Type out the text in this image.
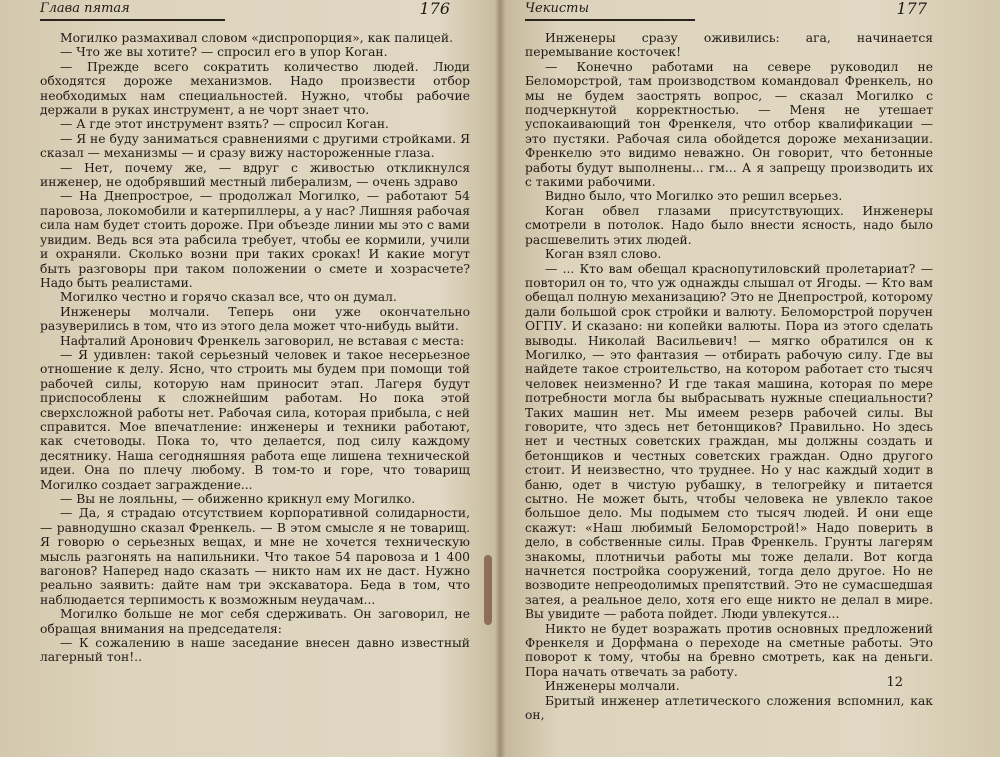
Глава пятая	176

Могилко размахивал словом «диспропорция», как палицей.

— Что же вы хотите? — спросил его в упор Коган.

— Прежде всего сократить количество людей. Люди обходятся дороже механизмов. Надо произвести отбор необходимых нам специальностей. Нужно, чтобы рабочие держали в руках инструмент, а не чорт знает что.

— А где этот инструмент взять? — спросил Коган.

— Я не буду заниматься сравнениями с другими стройками. Я сказал — механизмы — и сразу вижу настороженные глаза.

— Нет, почему же, — вдруг с живостью откликнулся инженер, не одобрявший местный либерализм, — очень здраво

— На Днепрострое, — продолжал Могилко, — работают 54 паровоза, локомобили и катерпиллеры, а у нас? Лишняя рабочая сила нам будет стоить дороже. При объезде линии мы это с вами увидим. Ведь вся эта рабсила требует, чтобы ее кормили, учили и охраняли. Сколько возни при таких сроках! И какие могут быть разговоры при таком положении о смете и хозрасчете? Надо быть реалистами.

Могилко честно и горячо сказал все, что он думал.

Инженеры молчали. Теперь они уже окончательно разуверились в том, что из этого дела может что-нибудь выйти.

Нафталий Аронович Френкель заговорил, не вставая с места:

— Я удивлен: такой серьезный человек и такое несерьезное отношение к делу. Ясно, что строить мы будем при помощи той рабочей силы, которую нам приносит этап. Лагеря будут приспособлены к сложнейшим работам. Но пока этой сверхсложной работы нет. Рабочая сила, которая прибыла, с ней справится. Мое впечатление: инженеры и техники работают, как счетоводы. Пока то, что делается, под силу каждому десятнику. Наша сегодняшняя работа еще лишена технической идеи. Она по плечу любому. В том-то и горе, что товарищ Могилко создает заграждение...

— Вы не лояльны, — обиженно крикнул ему Могилко.

— Да, я страдаю отсутствием корпоративной солидарности, — равнодушно сказал Френкель. — В этом смысле я не товарищ. Я говорю о серьезных вещах, и мне не хочется техническую мысль разгонять на напильники. Что такое 54 паровоза и 1 400 вагонов? Наперед надо сказать — никто нам их не даст. Нужно реально заявить: дайте нам три экскаватора. Беда в том, что наблюдается терпимость к возможным неудачам...

Могилко больше не мог себя сдерживать. Он заговорил, не обращая внимания на председателя:

— К сожалению в наше заседание внесен давно известный лагерный тон!..

Чекисты	177

Инженеры сразу оживились: ага, начинается перемывание косточек!

— Конечно работами на севере руководил не Беломорстрой, там производством командовал Френкель, но мы не будем заострять вопрос, — сказал Могилко с подчеркнутой корректностью. — Меня не утешает успокаивающий тон Френкеля, что отбор квалификации — это пустяки. Рабочая сила обойдется дороже механизации. Френкелю это видимо неважно. Он говорит, что бетонные работы будут выполнены... гм... А я запрещу производить их с такими рабочими.

Видно было, что Могилко это решил всерьез.

Коган обвел глазами присутствующих. Инженеры смотрели в потолок. Надо было внести ясность, надо было расшевелить этих людей.

Коган взял слово.

— ... Кто вам обещал краснопутиловский пролетариат? — повторил он то, что уж однажды слышал от Ягоды. — Кто вам обещал полную механизацию? Это не Днепрострой, которому дали большой срок стройки и валюту. Беломорстрой поручен ОГПУ. И сказано: ни копейки валюты. Пора из этого сделать выводы. Николай Васильевич! — мягко обратился он к Могилко, — это фантазия — отбирать рабочую силу. Где вы найдете такое строительство, на котором работает сто тысяч человек неизменно? И где такая машина, которая по мере потребности могла бы выбрасывать нужные специальности? Таких машин нет. Мы имеем резерв рабочей силы. Вы говорите, что здесь нет бетонщиков? Правильно. Но здесь нет и честных советских граждан, мы должны создать и бетонщиков и честных советских граждан. Одно другого стоит. И неизвестно, что труднее. Но у нас каждый ходит в баню, одет в чистую рубашку, в телогрейку и питается сытно. Не может быть, чтобы человека не увлекло такое большое дело. Мы подымем сто тысяч людей. И они еще скажут: «Наш любимый Беломорстрой!» Надо поверить в дело, в собственные силы. Прав Френкель. Грунты лагерям знакомы, плотничьи работы мы тоже делали. Вот когда начнется постройка сооружений, тогда дело другое. Но не возводите непреодолимых препятствий. Это не сумасшедшая затея, а реальное дело, хотя его еще никто не делал в мире. Вы увидите — работа пойдет. Люди увлекутся...

Никто не будет возражать против основных предложений Френкеля и Дорфмана о переходе на сметные работы. Это поворот к тому, чтобы на бревно смотреть, как на деньги. Пора начать отвечать за работу.

Инженеры молчали.

Бритый инженер атлетического сложения вспомнил, как он,

12
